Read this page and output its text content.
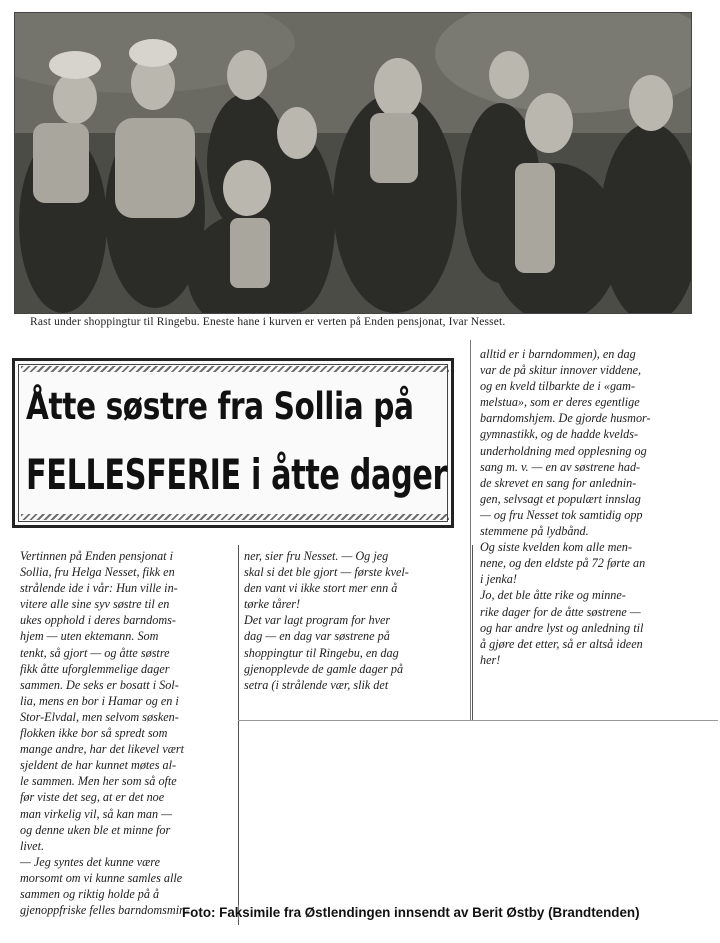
Rast under shoppingtur til Ringebu. Eneste hane i kurven er verten på Enden pensjonat, Ivar Nesset.
Åtte søstre fra Sollia på
FELLESFERIE i åtte dager
Vertinnen på Enden pensjonat i
Sollia, fru Helga Nesset, fikk en
strålende ide i vår: Hun ville in-
vitere alle sine syv søstre til en
ukes opphold i deres barndoms-
hjem — uten ektemann. Som
tenkt, så gjort — og åtte søstre
fikk åtte uforglemmelige dager
sammen. De seks er bosatt i Sol-
lia, mens en bor i Hamar og en i
Stor-Elvdal, men selvom søsken-
flokken ikke bor så spredt som
mange andre, har det likevel vært
sjeldent de har kunnet møtes al-
le sammen. Men her som så ofte
før viste det seg, at er det noe
man virkelig vil, så kan man —
og denne uken ble et minne for
livet.
— Jeg syntes det kunne være
morsomt om vi kunne samles alle
sammen og riktig holde på å
gjenoppfriske felles barndomsmin-
ner, sier fru Nesset. — Og jeg
skal si det ble gjort — første kvel-
den vant vi ikke stort mer enn å
tørke tårer!
Det var lagt program for hver
dag — en dag var søstrene på
shoppingtur til Ringebu, en dag
gjenopplevde de gamle dager på
setra (i strålende vær, slik det
alltid er i barndommen), en dag
var de på skitur innover viddene,
og en kveld tilbarkte de i «gam-
melstua», som er deres egentlige
barndomshjem. De gjorde husmor-
gymnastikk, og de hadde kvelds-
underholdning med opplesning og
sang m. v. — en av søstrene had-
de skrevet en sang for anlednin-
gen, selvsagt et populært innslag
— og fru Nesset tok samtidig opp
stemmene på lydbånd.
Og siste kvelden kom alle men-
nene, og den eldste på 72 førte an
i jenka!
Jo, det ble åtte rike og minne-
rike dager for de åtte søstrene —
og har andre lyst og anledning til
å gjøre det etter, så er altså ideen
her!
Foto: Faksimile fra Østlendingen innsendt av Berit Østby (Brandtenden)
